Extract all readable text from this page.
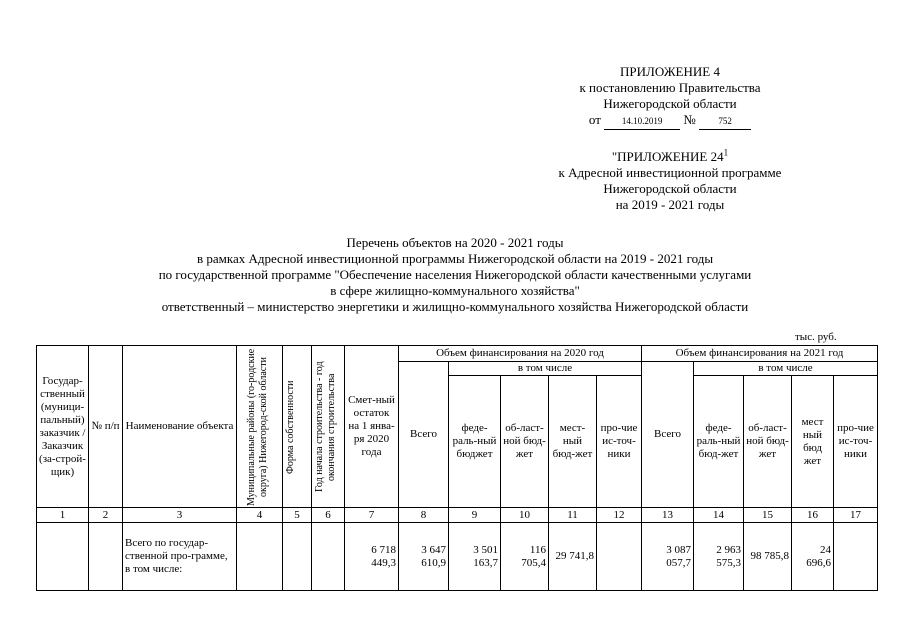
ПРИЛОЖЕНИЕ 4
к постановлению Правительства
Нижегородской области
от 14.10.2019 №	752
"ПРИЛОЖЕНИЕ $24^1$
к Адресной инвестиционной программе
Нижегородской области
на 2019 - 2021 годы
Перечень объектов на 2020 - 2021 годы
в рамках Адресной инвестиционной программы Нижегородской области на 2019 - 2021 годы
по государственной программе "Обеспечение населения Нижегородской области качественными услугами
в сфере жилищно-коммунального хозяйства"
ответственный – министерство энергетики и жилищно-коммунального хозяйства Нижегородской области
тыс. руб.
Государ-ственный (муници-пальный) заказчик / Заказчик (за-строй-щик)	№ п/п	Наименование объекта	Муниципальные районы (го-родские округа) Нижегород-ской области	Форма собственности	Год начала строительства - год окончания строительства	Смет-ный остаток на 1 янва-ря 2020 года	Объем финансирования на 2020 год					Объем финансирования на 2021 год				
							Всего	в том числе				Всего	в том числе			
								феде-раль-ный бюджет	об-ласт-ной бюд-жет	мест-ный бюд-жет	про-чие ис-точ-ники		феде-раль-ный бюд-жет	об-ласт-ной бюд-жет	мест ный бюд жет	про-чие ис-точ-ники
1	2	3	4	5	6	7	8	9	10	11	12	13	14	15	16	17
		Всего по государ-ственной про-грамме, в том числе:				6 718 449,3	3 647 610,9	3 501 163,7	116 705,4	29 741,8		3 087 057,7	2 963 575,3	98 785,8	24 696,6	
